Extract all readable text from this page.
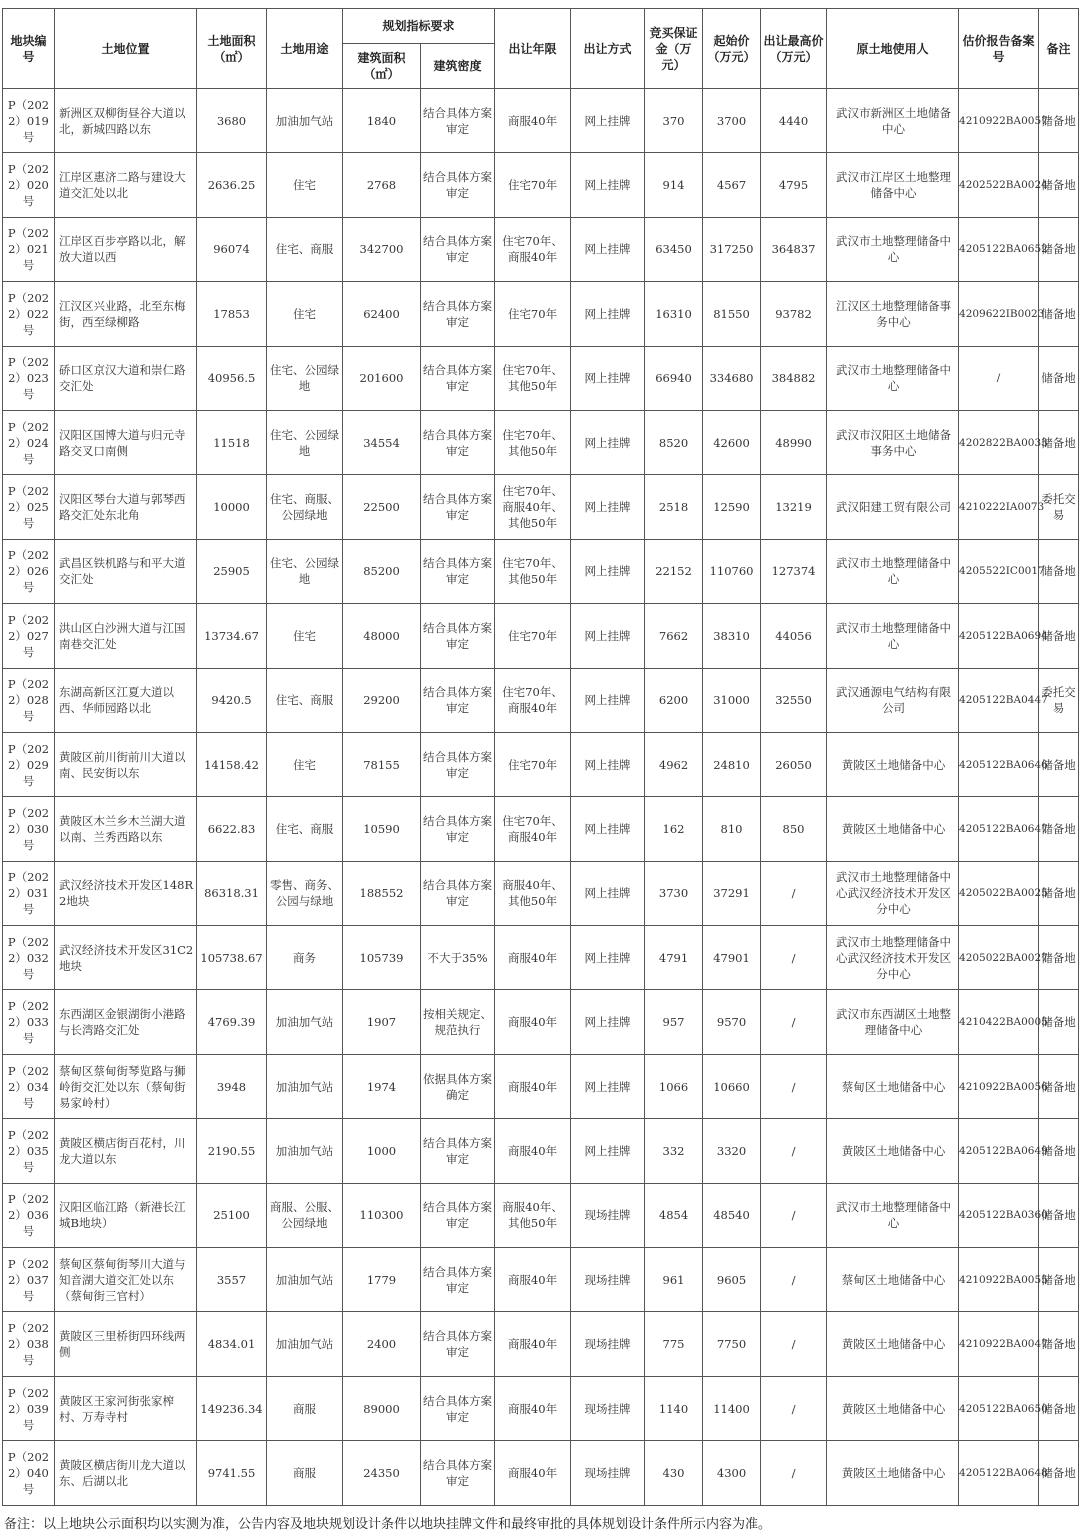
地块编号	土地位置	土地面积（㎡）	土地用途	规划指标要求		出让年限	出让方式	竞买保证金（万元）	起始价（万元）	出让最高价（万元）	原土地使用人	估价报告备案号	备注
				建筑面积（㎡）	建筑密度								
P（2022）019号	新洲区双柳街昼谷大道以北，新城四路以东	3680	加油加气站	1840	结合具体方案审定	商服40年	网上挂牌	370	3700	4440	武汉市新洲区土地储备中心	4210922BA0057	储备地
P（2022）020号	江岸区惠济二路与建设大道交汇处以北	2636.25	住宅	2768	结合具体方案审定	住宅70年	网上挂牌	914	4567	4795	武汉市江岸区土地整理储备中心	4202522BA0024	储备地
P（2022）021号	江岸区百步亭路以北，解放大道以西	96074	住宅、商服	342700	结合具体方案审定	住宅70年、商服40年	网上挂牌	63450	317250	364837	武汉市土地整理储备中心	4205122BA0652	储备地
P（2022）022号	江汉区兴业路，北至东梅街，西至绿柳路	17853	住宅	62400	结合具体方案审定	住宅70年	网上挂牌	16310	81550	93782	江汉区土地整理储备事务中心	4209622IB0023	储备地
P（2022）023号	硚口区京汉大道和崇仁路交汇处	40956.5	住宅、公园绿地	201600	结合具体方案审定	住宅70年、其他50年	网上挂牌	66940	334680	384882	武汉市土地整理储备中心	/	储备地
P（2022）024号	汉阳区国博大道与归元寺路交叉口南侧	11518	住宅、公园绿地	34554	结合具体方案审定	住宅70年、其他50年	网上挂牌	8520	42600	48990	武汉市汉阳区土地储备事务中心	4202822BA0033	储备地
P（2022）025号	汉阳区琴台大道与郭琴西路交汇处东北角	10000	住宅、商服、公园绿地	22500	结合具体方案审定	住宅70年、商服40年、其他50年	网上挂牌	2518	12590	13219	武汉阳建工贸有限公司	4210222IA0073	委托交易
P（2022）026号	武昌区铁机路与和平大道交汇处	25905	住宅、公园绿地	85200	结合具体方案审定	住宅70年、其他50年	网上挂牌	22152	110760	127374	武汉市土地整理储备中心	4205522IC0017	储备地
P（2022）027号	洪山区白沙洲大道与江国南巷交汇处	13734.67	住宅	48000	结合具体方案审定	住宅70年	网上挂牌	7662	38310	44056	武汉市土地整理储备中心	4205122BA0694	储备地
P（2022）028号	东湖高新区江夏大道以西、华师园路以北	9420.5	住宅、商服	29200	结合具体方案审定	住宅70年、商服40年	网上挂牌	6200	31000	32550	武汉通源电气结构有限公司	4205122BA0447	委托交易
P（2022）029号	黄陂区前川街前川大道以南、民安街以东	14158.42	住宅	78155	结合具体方案审定	住宅70年	网上挂牌	4962	24810	26050	黄陂区土地储备中心	4205122BA0646	储备地
P（2022）030号	黄陂区木兰乡木兰湖大道以南、兰秀西路以东	6622.83	住宅、商服	10590	结合具体方案审定	住宅70年、商服40年	网上挂牌	162	810	850	黄陂区土地储备中心	4205122BA0647	储备地
P（2022）031号	武汉经济技术开发区148R2地块	86318.31	零售、商务、公园与绿地	188552	结合具体方案审定	商服40年、其他50年	网上挂牌	3730	37291	/	武汉市土地整理储备中心武汉经济技术开发区分中心	4205022BA0025	储备地
P（2022）032号	武汉经济技术开发区31C2地块	105738.67	商务	105739	不大于35%	商服40年	网上挂牌	4791	47901	/	武汉市土地整理储备中心武汉经济技术开发区分中心	4205022BA0027	储备地
P（2022）033号	东西湖区金银湖街小港路与长湾路交汇处	4769.39	加油加气站	1907	按相关规定、规范执行	商服40年	网上挂牌	957	9570	/	武汉市东西湖区土地整理储备中心	4210422BA0005	储备地
P（2022）034号	蔡甸区蔡甸街琴览路与狮岭街交汇处以东（蔡甸街易家岭村）	3948	加油加气站	1974	依据具体方案确定	商服40年	网上挂牌	1066	10660	/	蔡甸区土地储备中心	4210922BA0056	储备地
P（2022）035号	黄陂区横店街百花村，川龙大道以东	2190.55	加油加气站	1000	结合具体方案审定	商服40年	网上挂牌	332	3320	/	黄陂区土地储备中心	4205122BA0649	储备地
P（2022）036号	汉阳区临江路（新港长江城B地块）	25100	商服、公服、公园绿地	110300	结合具体方案审定	商服40年、其他50年	现场挂牌	4854	48540	/	武汉市土地整理储备中心	4205122BA0360	储备地
P（2022）037号	蔡甸区蔡甸街琴川大道与知音湖大道交汇处以东（蔡甸街三官村）	3557	加油加气站	1779	结合具体方案审定	商服40年	现场挂牌	961	9605	/	蔡甸区土地储备中心	4210922BA0055	储备地
P（2022）038号	黄陂区三里桥街四环线两侧	4834.01	加油加气站	2400	结合具体方案审定	商服40年	现场挂牌	775	7750	/	黄陂区土地储备中心	4210922BA0047	储备地
P（2022）039号	黄陂区王家河街张家榨村、万寿寺村	149236.34	商服	89000	结合具体方案审定	商服40年	现场挂牌	1140	11400	/	黄陂区土地储备中心	4205122BA0650	储备地
P（2022）040号	黄陂区横店街川龙大道以东、后湖以北	9741.55	商服	24350	结合具体方案审定	商服40年	现场挂牌	430	4300	/	黄陂区土地储备中心	4205122BA0648	储备地
备注：以上地块公示面积均以实测为准，公告内容及地块规划设计条件以地块挂牌文件和最终审批的具体规划设计条件所示内容为准。
